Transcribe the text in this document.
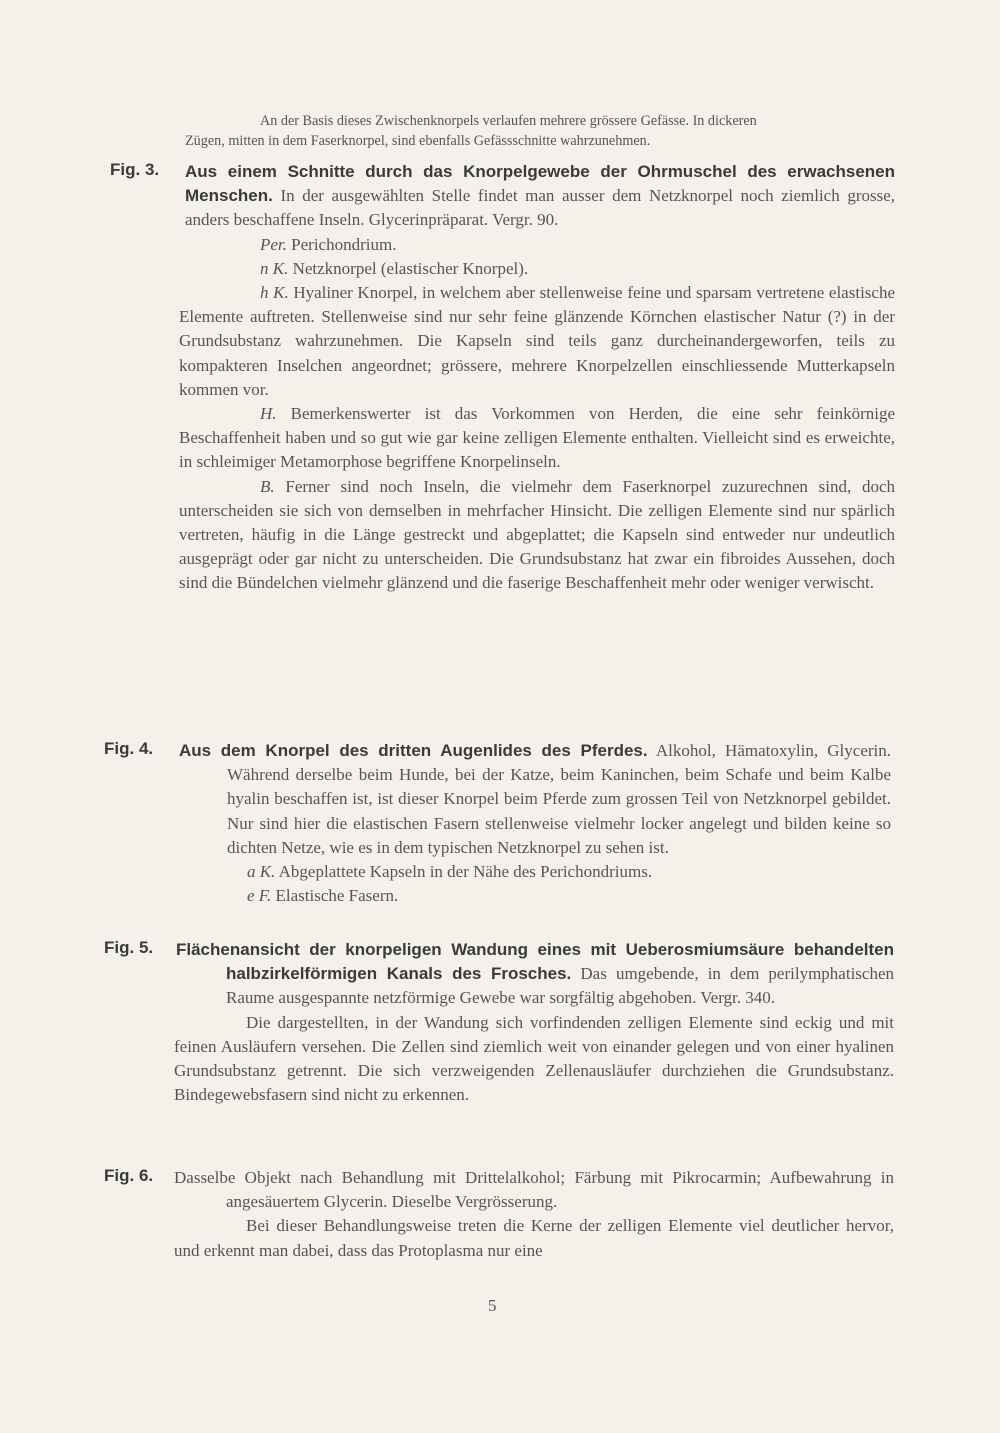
An der Basis dieses Zwischenknorpels verlaufen mehrere grössere Gefässe. In dickeren
Zügen, mitten in dem Faserknorpel, sind ebenfalls Gefässschnitte wahrzunehmen.
Fig. 3. Aus einem Schnitte durch das Knorpelgewebe der Ohrmuschel des erwachsenen Menschen. In der ausgewählten Stelle findet man ausser dem Netzknorpel noch ziemlich grosse, anders beschaffene Inseln. Glycerinpräparat. Vergr. 90.

Per. Perichondrium.

n K. Netzknorpel (elastischer Knorpel).

h K. Hyaliner Knorpel, in welchem aber stellenweise feine und sparsam vertretene elastische Elemente auftreten. Stellenweise sind nur sehr feine glänzende Körnchen elastischer Natur (?) in der Grundsubstanz wahrzunehmen. Die Kapseln sind teils ganz durcheinandergeworfen, teils zu kompakteren Inselchen angeordnet; grössere, mehrere Knorpelzellen einschliessende Mutterkapseln kommen vor.

H. Bemerkenswerter ist das Vorkommen von Herden, die eine sehr feinkörnige Beschaffenheit haben und so gut wie gar keine zelligen Elemente enthalten. Vielleicht sind es erweichte, in schleimiger Metamorphose begriffene Knorpelinseln.

B. Ferner sind noch Inseln, die vielmehr dem Faserknorpel zuzurechnen sind, doch unterscheiden sie sich von demselben in mehrfacher Hinsicht. Die zelligen Elemente sind nur spärlich vertreten, häufig in die Länge gestreckt und abgeplattet; die Kapseln sind entweder nur undeutlich ausgeprägt oder gar nicht zu unterscheiden. Die Grundsubstanz hat zwar ein fibroides Aussehen, doch sind die Bündelchen vielmehr glänzend und die faserige Beschaffenheit mehr oder weniger verwischt.

Fig. 4. Aus dem Knorpel des dritten Augenlides des Pferdes. Alkohol, Hämatoxylin, Glycerin. Während derselbe beim Hunde, bei der Katze, beim Kaninchen, beim Schafe und beim Kalbe hyalin beschaffen ist, ist dieser Knorpel beim Pferde zum grossen Teil von Netzknorpel gebildet. Nur sind hier die elastischen Fasern stellenweise vielmehr locker angelegt und bilden keine so dichten Netze, wie es in dem typischen Netzknorpel zu sehen ist.

a K. Abgeplattete Kapseln in der Nähe des Perichondriums.

e F. Elastische Fasern.

Fig. 5. Flächenansicht der knorpeligen Wandung eines mit Ueberosmiumsäure behandelten halbzirkelförmigen Kanals des Frosches. Das umgebende, in dem perilymphatischen Raume ausgespannte netzförmige Gewebe war sorgfältig abgehoben. Vergr. 340.

Die dargestellten, in der Wandung sich vorfindenden zelligen Elemente sind eckig und mit feinen Ausläufern versehen. Die Zellen sind ziemlich weit von einander gelegen und von einer hyalinen Grundsubstanz getrennt. Die sich verzweigenden Zellenausläufer durchziehen die Grundsubstanz. Bindegewebsfasern sind nicht zu erkennen.

Fig. 6. Dasselbe Objekt nach Behandlung mit Drittelalkohol; Färbung mit Pikrocarmin; Aufbewahrung in angesäuertem Glycerin. Dieselbe Vergrösserung.

Bei dieser Behandlungsweise treten die Kerne der zelligen Elemente viel deutlicher hervor, und erkennt man dabei, dass das Protoplasma nur eine

5
